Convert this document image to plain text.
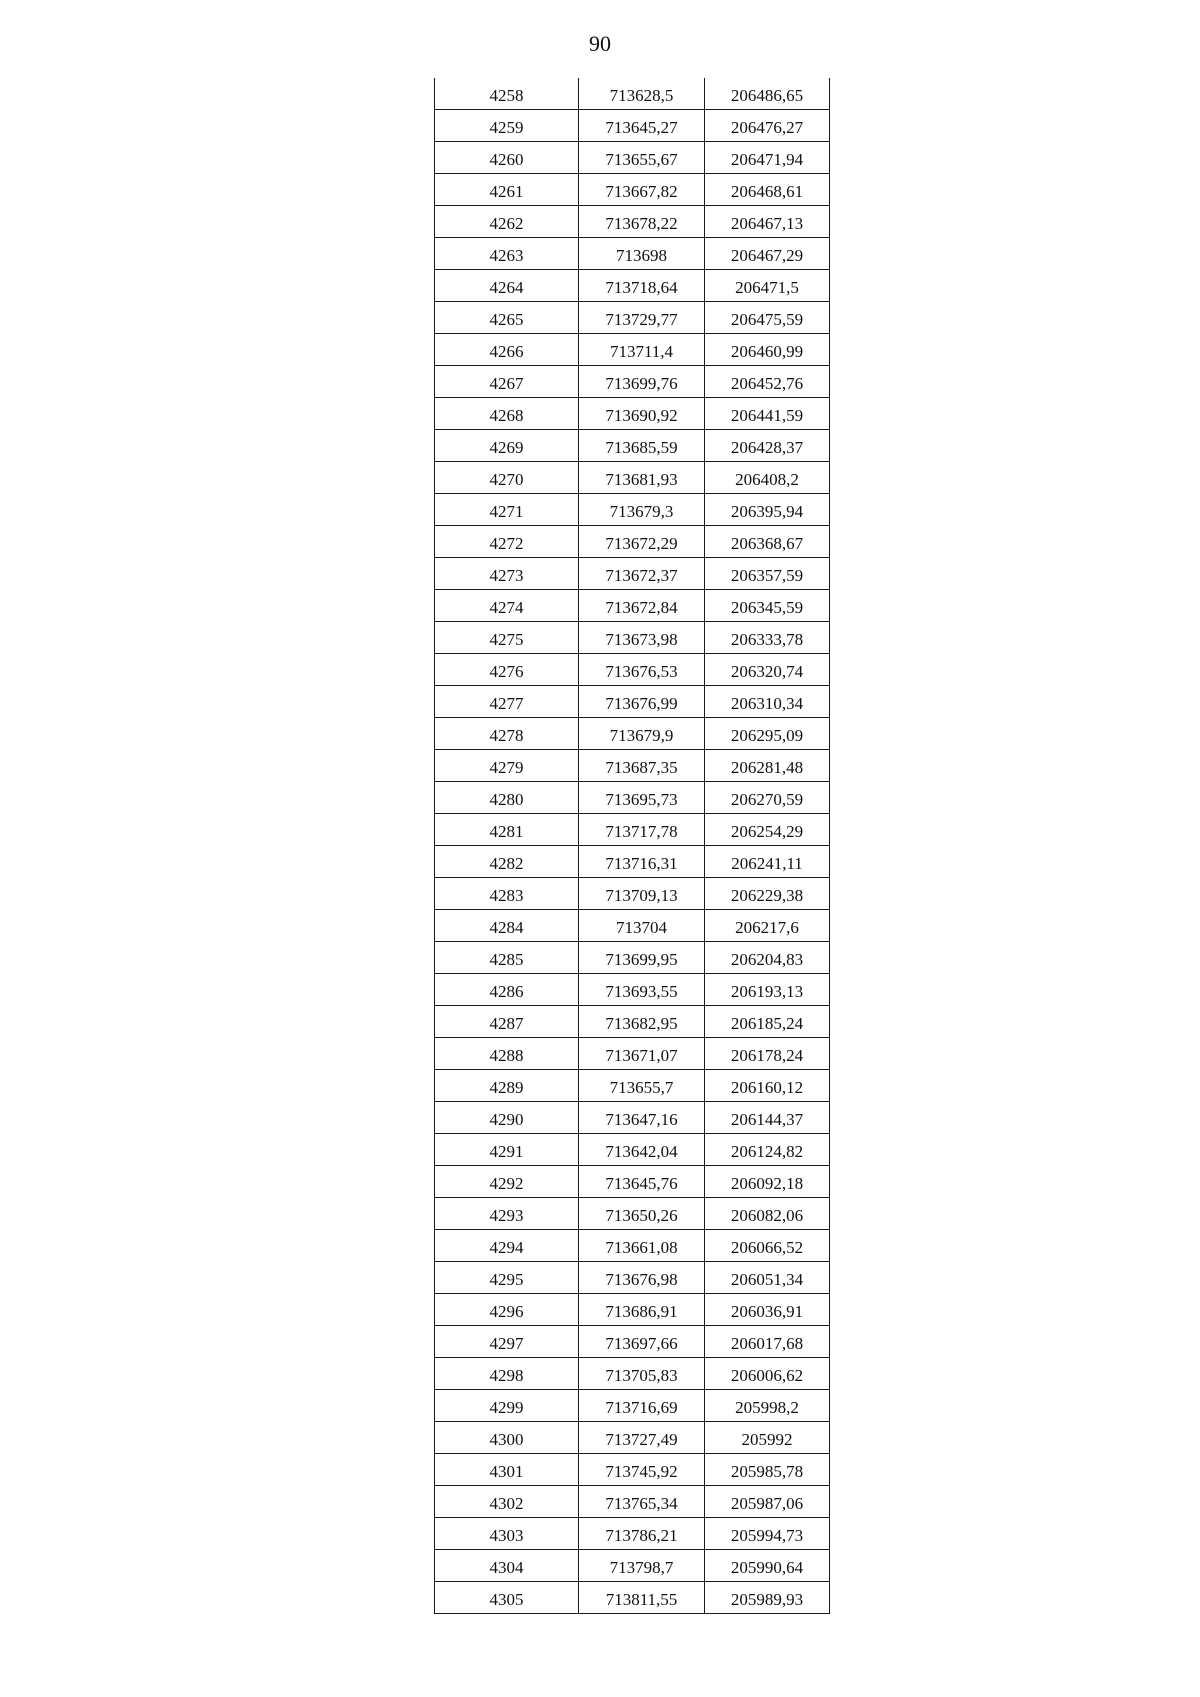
90
4258	713628,5	206486,65
4259	713645,27	206476,27
4260	713655,67	206471,94
4261	713667,82	206468,61
4262	713678,22	206467,13
4263	713698	206467,29
4264	713718,64	206471,5
4265	713729,77	206475,59
4266	713711,4	206460,99
4267	713699,76	206452,76
4268	713690,92	206441,59
4269	713685,59	206428,37
4270	713681,93	206408,2
4271	713679,3	206395,94
4272	713672,29	206368,67
4273	713672,37	206357,59
4274	713672,84	206345,59
4275	713673,98	206333,78
4276	713676,53	206320,74
4277	713676,99	206310,34
4278	713679,9	206295,09
4279	713687,35	206281,48
4280	713695,73	206270,59
4281	713717,78	206254,29
4282	713716,31	206241,11
4283	713709,13	206229,38
4284	713704	206217,6
4285	713699,95	206204,83
4286	713693,55	206193,13
4287	713682,95	206185,24
4288	713671,07	206178,24
4289	713655,7	206160,12
4290	713647,16	206144,37
4291	713642,04	206124,82
4292	713645,76	206092,18
4293	713650,26	206082,06
4294	713661,08	206066,52
4295	713676,98	206051,34
4296	713686,91	206036,91
4297	713697,66	206017,68
4298	713705,83	206006,62
4299	713716,69	205998,2
4300	713727,49	205992
4301	713745,92	205985,78
4302	713765,34	205987,06
4303	713786,21	205994,73
4304	713798,7	205990,64
4305	713811,55	205989,93
